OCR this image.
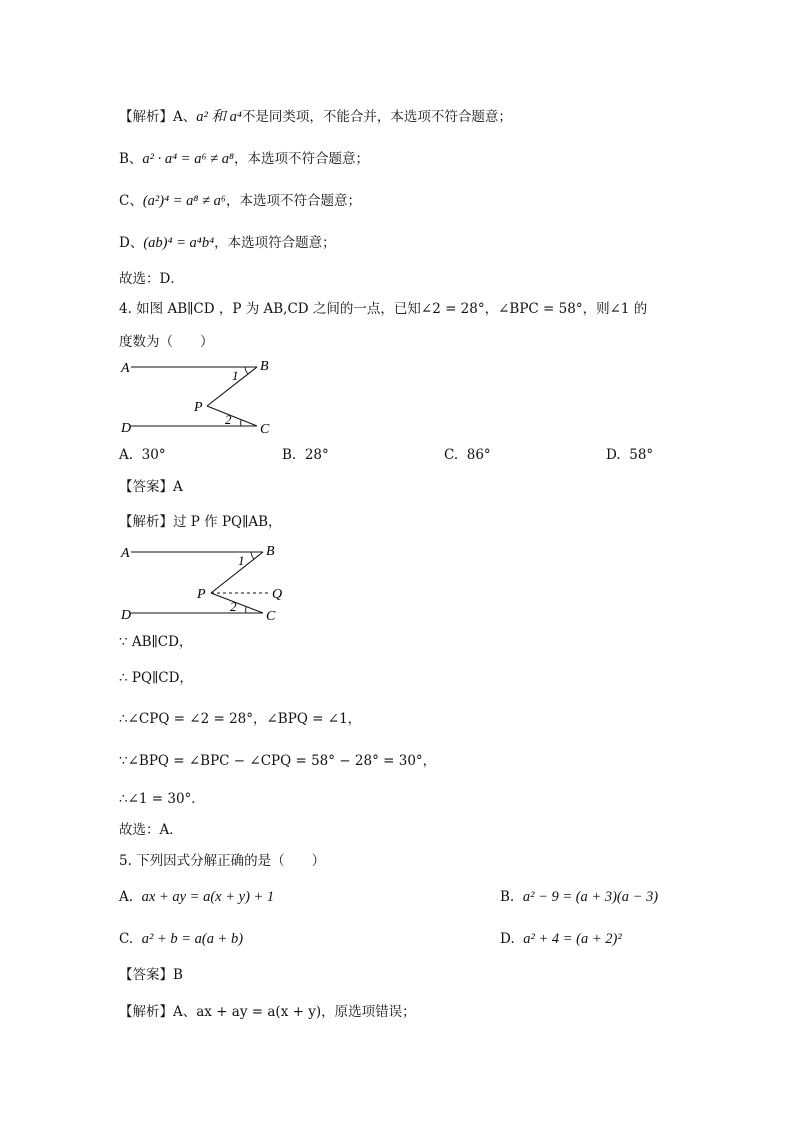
【解析】A、a² 和 a⁴不是同类项，不能合并，本选项不符合题意；
B、a² · a⁴ = a⁶ ≠ a⁸，本选项不符合题意；
C、(a²)⁴ = a⁸ ≠ a⁶，本选项不符合题意；
D、(ab)⁴ = a⁴b⁴，本选项符合题意；
故选：D．
4. 如图 AB∥CD ，P 为 AB,CD 之间的一点，已知∠2 = 28°，∠BPC = 58°，则∠1 的
度数为（　　）
A	B
P
D	C
1
2
A. 30°	B. 28°	C. 86°	D. 58°
【答案】A
【解析】过 P 作 PQ∥AB，
A	B
P	Q
D	C
1
2
∵ AB∥CD，
∴ PQ∥CD，
∴∠CPQ = ∠2 = 28°，∠BPQ = ∠1，
∵∠BPQ = ∠BPC − ∠CPQ = 58° − 28° = 30°，
∴∠1 = 30°．
故选：A．
5. 下列因式分解正确的是（　　）
A. ax + ay = a(x + y) + 1	B. a² − 9 = (a + 3)(a − 3)
C. a² + b = a(a + b)	D. a² + 4 = (a + 2)²
【答案】B
【解析】A、ax + ay = a(x + y)，原选项错误；
